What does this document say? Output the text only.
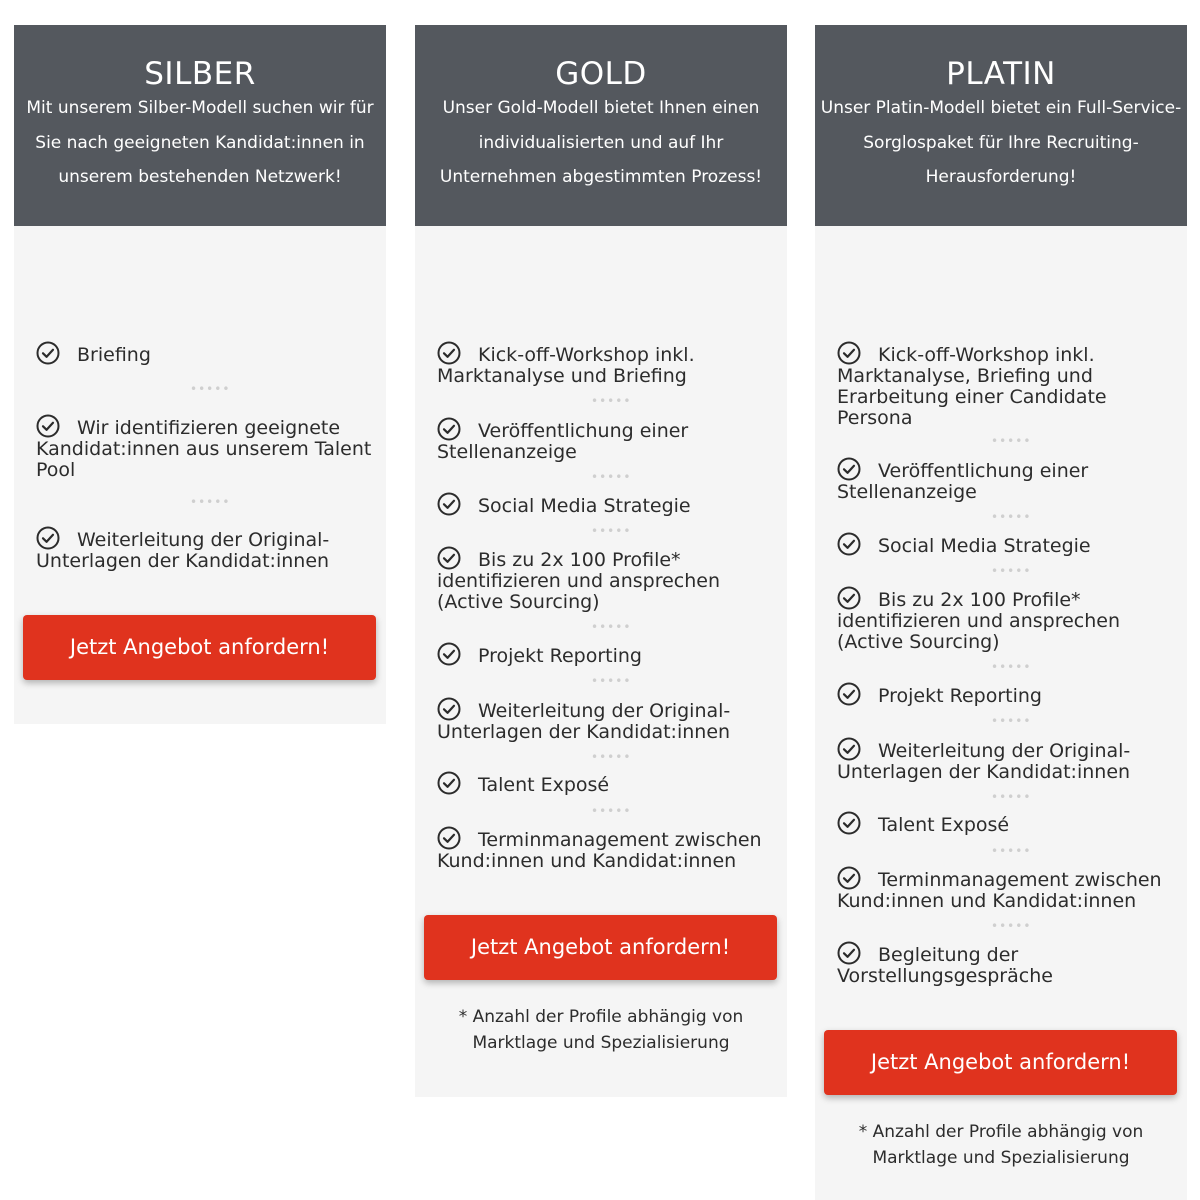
SILBER
Mit unserem Silber-Modell suchen wir für Sie nach geeigneten Kandidat:innen in unserem bestehenden Netzwerk!
Briefing
•••••
Wir identifizieren geeignete Kandidat:innen aus unserem Talent Pool
•••••
Weiterleitung der Original-Unterlagen der Kandidat:innen
Jetzt Angebot anfordern!
GOLD
Unser Gold-Modell bietet Ihnen einen individualisierten und auf Ihr Unternehmen abgestimmten Prozess!
Kick-off-Workshop inkl. Marktanalyse und Briefing
•••••
Veröffentlichung einer Stellenanzeige
•••••
Social Media Strategie
•••••
Bis zu 2x 100 Profile* identifizieren und ansprechen (Active Sourcing)
•••••
Projekt Reporting
•••••
Weiterleitung der Original-Unterlagen der Kandidat:innen
•••••
Talent Exposé
•••••
Terminmanagement zwischen Kund:innen und Kandidat:innen
Jetzt Angebot anfordern!
* Anzahl der Profile abhängig von
Marktlage und Spezialisierung
PLATIN
Unser Platin-Modell bietet ein Full-Service-Sorglospaket für Ihre Recruiting-Herausforderung!
Kick-off-Workshop inkl. Marktanalyse, Briefing und Erarbeitung einer Candidate Persona
•••••
Veröffentlichung einer Stellenanzeige
•••••
Social Media Strategie
•••••
Bis zu 2x 100 Profile* identifizieren und ansprechen (Active Sourcing)
•••••
Projekt Reporting
•••••
Weiterleitung der Original-Unterlagen der Kandidat:innen
•••••
Talent Exposé
•••••
Terminmanagement zwischen Kund:innen und Kandidat:innen
•••••
Begleitung der Vorstellungsgespräche
Jetzt Angebot anfordern!
* Anzahl der Profile abhängig von
Marktlage und Spezialisierung
